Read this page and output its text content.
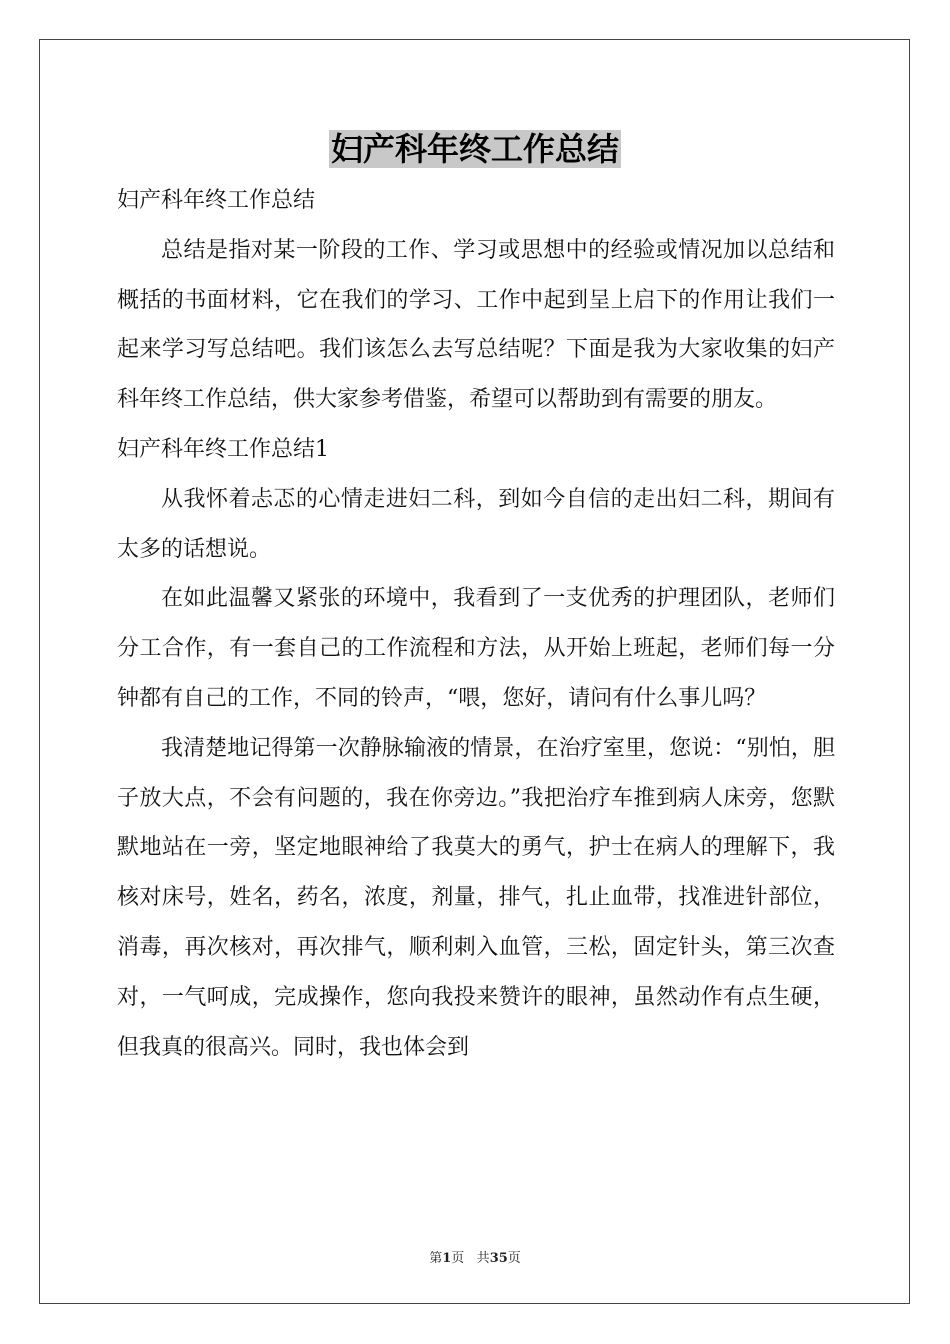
妇产科年终工作总结

妇产科年终工作总结

总结是指对某一阶段的工作、学习或思想中的经验或情况加以总结和概括的书面材料，它在我们的学习、工作中起到呈上启下的作用让我们一起来学习写总结吧。我们该怎么去写总结呢？下面是我为大家收集的妇产科年终工作总结，供大家参考借鉴，希望可以帮助到有需要的朋友。

妇产科年终工作总结1

从我怀着忐忑的心情走进妇二科，到如今自信的走出妇二科，期间有太多的话想说。

在如此温馨又紧张的环境中，我看到了一支优秀的护理团队，老师们分工合作，有一套自己的工作流程和方法，从开始上班起，老师们每一分钟都有自己的工作，不同的铃声，“喂，您好，请问有什么事儿吗？

我清楚地记得第一次静脉输液的情景，在治疗室里，您说：“别怕，胆子放大点，不会有问题的，我在你旁边。”我把治疗车推到病人床旁，您默默地站在一旁，坚定地眼神给了我莫大的勇气，护士在病人的理解下，我核对床号，姓名，药名，浓度，剂量，排气，扎止血带，找准进针部位，消毒，再次核对，再次排气，顺利刺入血管，三松，固定针头，第三次查对，一气呵成，完成操作，您向我投来赞许的眼神，虽然动作有点生硬，但我真的很高兴。同时，我也体会到

第1页 共35页
